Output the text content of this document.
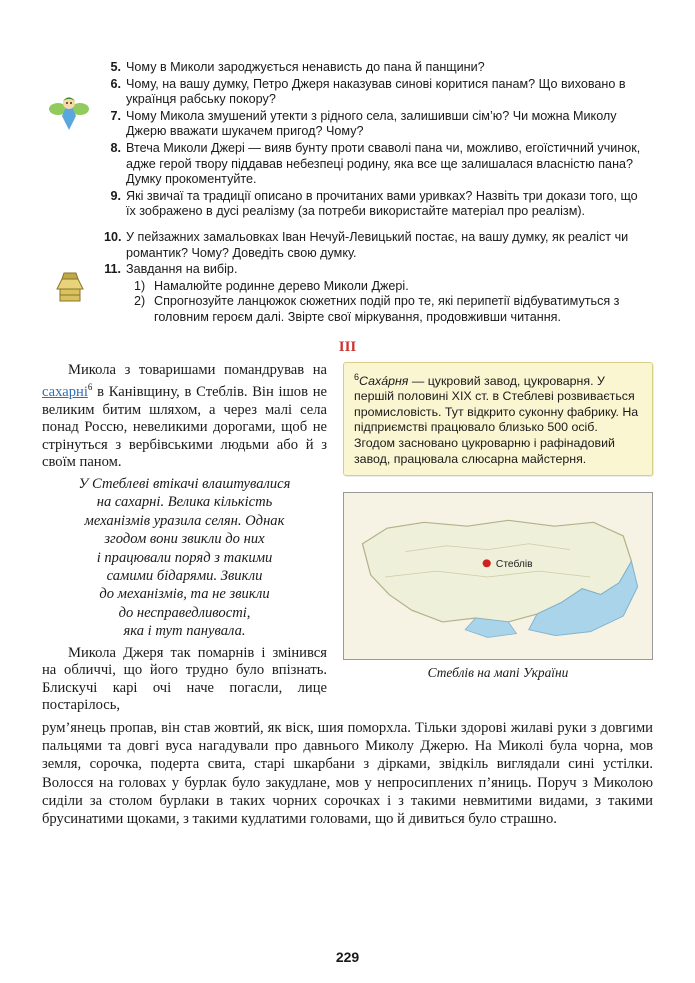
5. Чому в Миколи зароджується ненависть до пана й панщини?
6. Чому, на вашу думку, Петро Джеря наказував синові коритися панам? Що виховано в українця рабську покору?
7. Чому Микола змушений утекти з рідного села, залишивши сім’ю? Чи можна Миколу Джерю вважати шукачем пригод? Чому?
8. Втеча Миколи Джері — вияв бунту проти сваволі пана чи, можливо, егоїстичний учинок, адже герой твору піддавав небезпеці родину, яка все ще залишалася власністю пана? Думку прокоментуйте.
9. Які звичаї та традиції описано в прочитаних вами уривках? Назвіть три докази того, що їх зображено в дусі реалізму (за потреби використайте матеріал про реалізм).
10. У пейзажних замальовках Іван Нечуй-Левицький постає, на вашу думку, як реаліст чи романтик? Чому? Доведіть свою думку.
11. Завдання на вибір.
1) Намалюйте родинне дерево Миколи Джері.
2) Спрогнозуйте ланцюжок сюжетних подій про те, які перипетії відбуватимуться з головним героєм далі. Звірте свої міркування, продовживши читання.
III

Микола з товаришами помандрував на сахарні$^6$ в Канівщину, в Стеблів. Він ішов не великим битим шляхом, а через малі села понад Россю, невеликими дорогами, щоб не стрінуться з вербівськими людьми або й з своїм паном.

У Стеблеві втікачі влаштувалися
на сахарні. Велика кількість
механізмів уразила селян. Однак
згодом вони звикли до них
і працювали поряд з такими
самими бідарями. Звикли
до механізмів, та не звикли
до несправедливості,
яка і тут панувала.

Микола Джеря так помарнів і змінився на обличчі, що його трудно було впізнать. Блискучі карі очі наче погасли, лице постарілось,

$^6$Сахáрня — цукровий завод, цукроварня. У першій половині XIX ст. в Стеблеві розвивається промисловість. Тут відкрито суконну фабрику. На підприємстві працювало близько 500 осіб. Згодом засновано цукроварню і рафінадовий завод, працювала слюсарна майстерня.
Стеблів
Стеблів на мапі України

рум’янець пропав, він став жовтий, як віск, шия поморхла. Тільки здорові жилаві руки з довгими пальцями та довгі вуса нагадували про давнього Миколу Джерю. На Миколі була чорна, мов земля, сорочка, подерта свита, старі шкарбани з дірками, звідкіль виглядали сині устілки. Волосся на головах у бурлак було закудлане, мов у непросиплених п’яниць. Поруч з Миколою сиділи за столом бурлаки в таких чорних сорочках і з такими невмитими видами, з такими брусинатими щоками, з такими кудлатими головами, що й дивиться було страшно.

229
